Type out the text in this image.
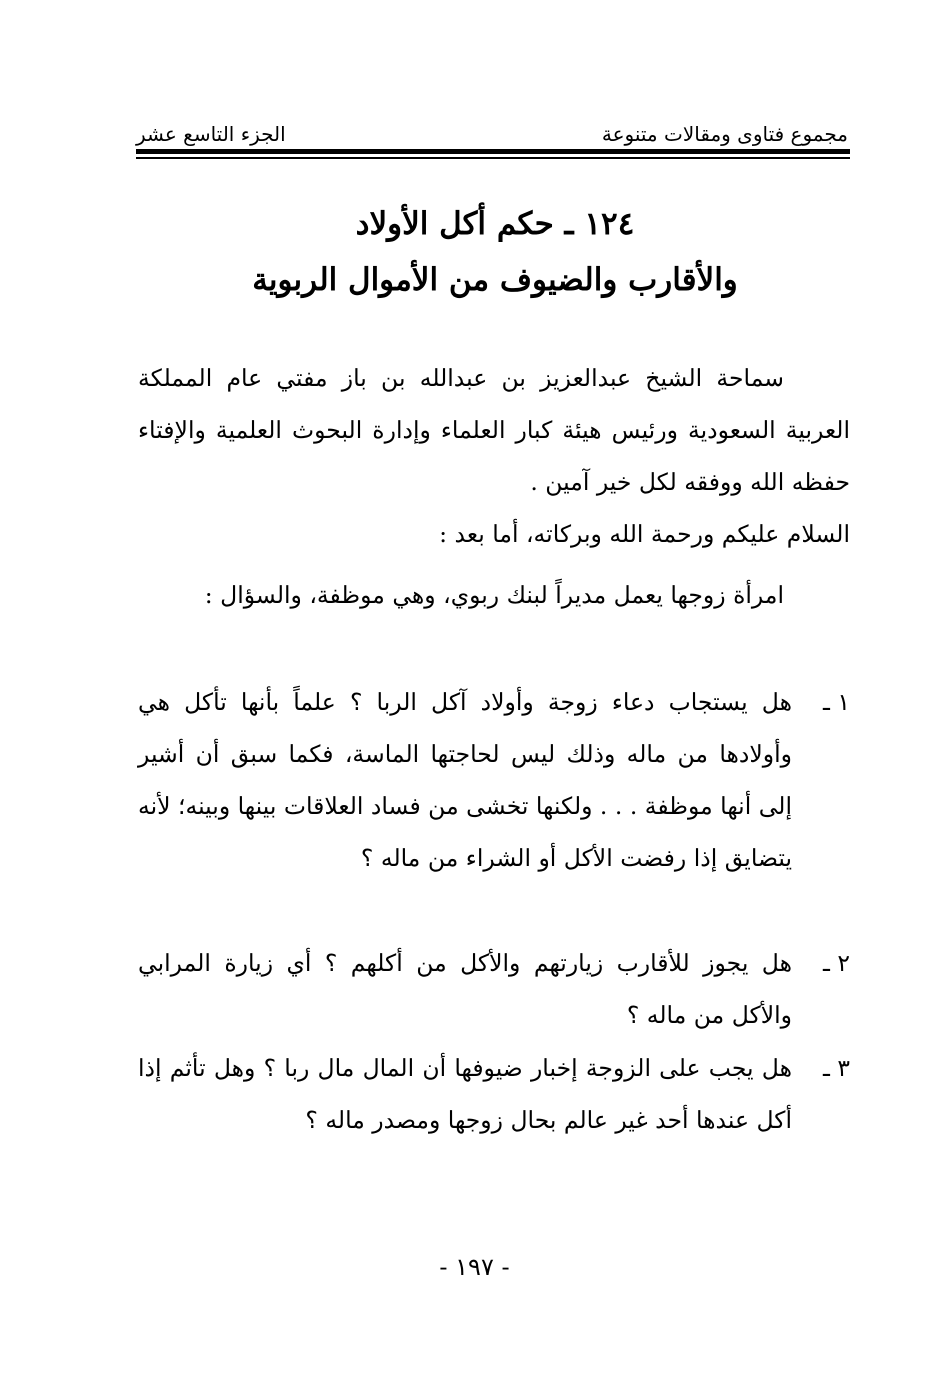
مجموع فتاوى ومقالات متنوعة
الجزء التاسع عشر
١٢٤ ـ حكم أكل الأولاد
والأقارب والضيوف من الأموال الربوية
سماحة الشيخ عبدالعزيز بن عبدالله بن باز مفتي عام المملكة العربية السعودية ورئيس هيئة كبار العلماء وإدارة البحوث العلمية والإفتاء حفظه الله ووفقه لكل خير آمين .
السلام عليكم ورحمة الله وبركاته، أما بعد :
امرأة زوجها يعمل مديراً لبنك ربوي، وهي موظفة، والسؤال :
١ ـ
هل يستجاب دعاء زوجة وأولاد آكل الربا ؟ علماً بأنها تأكل هي وأولادها من ماله وذلك ليس لحاجتها الماسة، فكما سبق أن أشير إلى أنها موظفة . . . ولكنها تخشى من فساد العلاقات بينها وبينه؛ لأنه يتضايق إذا رفضت الأكل أو الشراء من ماله ؟
٢ ـ
هل يجوز للأقارب زيارتهم والأكل من أكلهم ؟ أي زيارة المرابي والأكل من ماله ؟
٣ ـ
هل يجب على الزوجة إخبار ضيوفها أن المال مال ربا ؟ وهل تأثم إذا أكل عندها أحد غير عالم بحال زوجها ومصدر ماله ؟
- ١٩٧ -
